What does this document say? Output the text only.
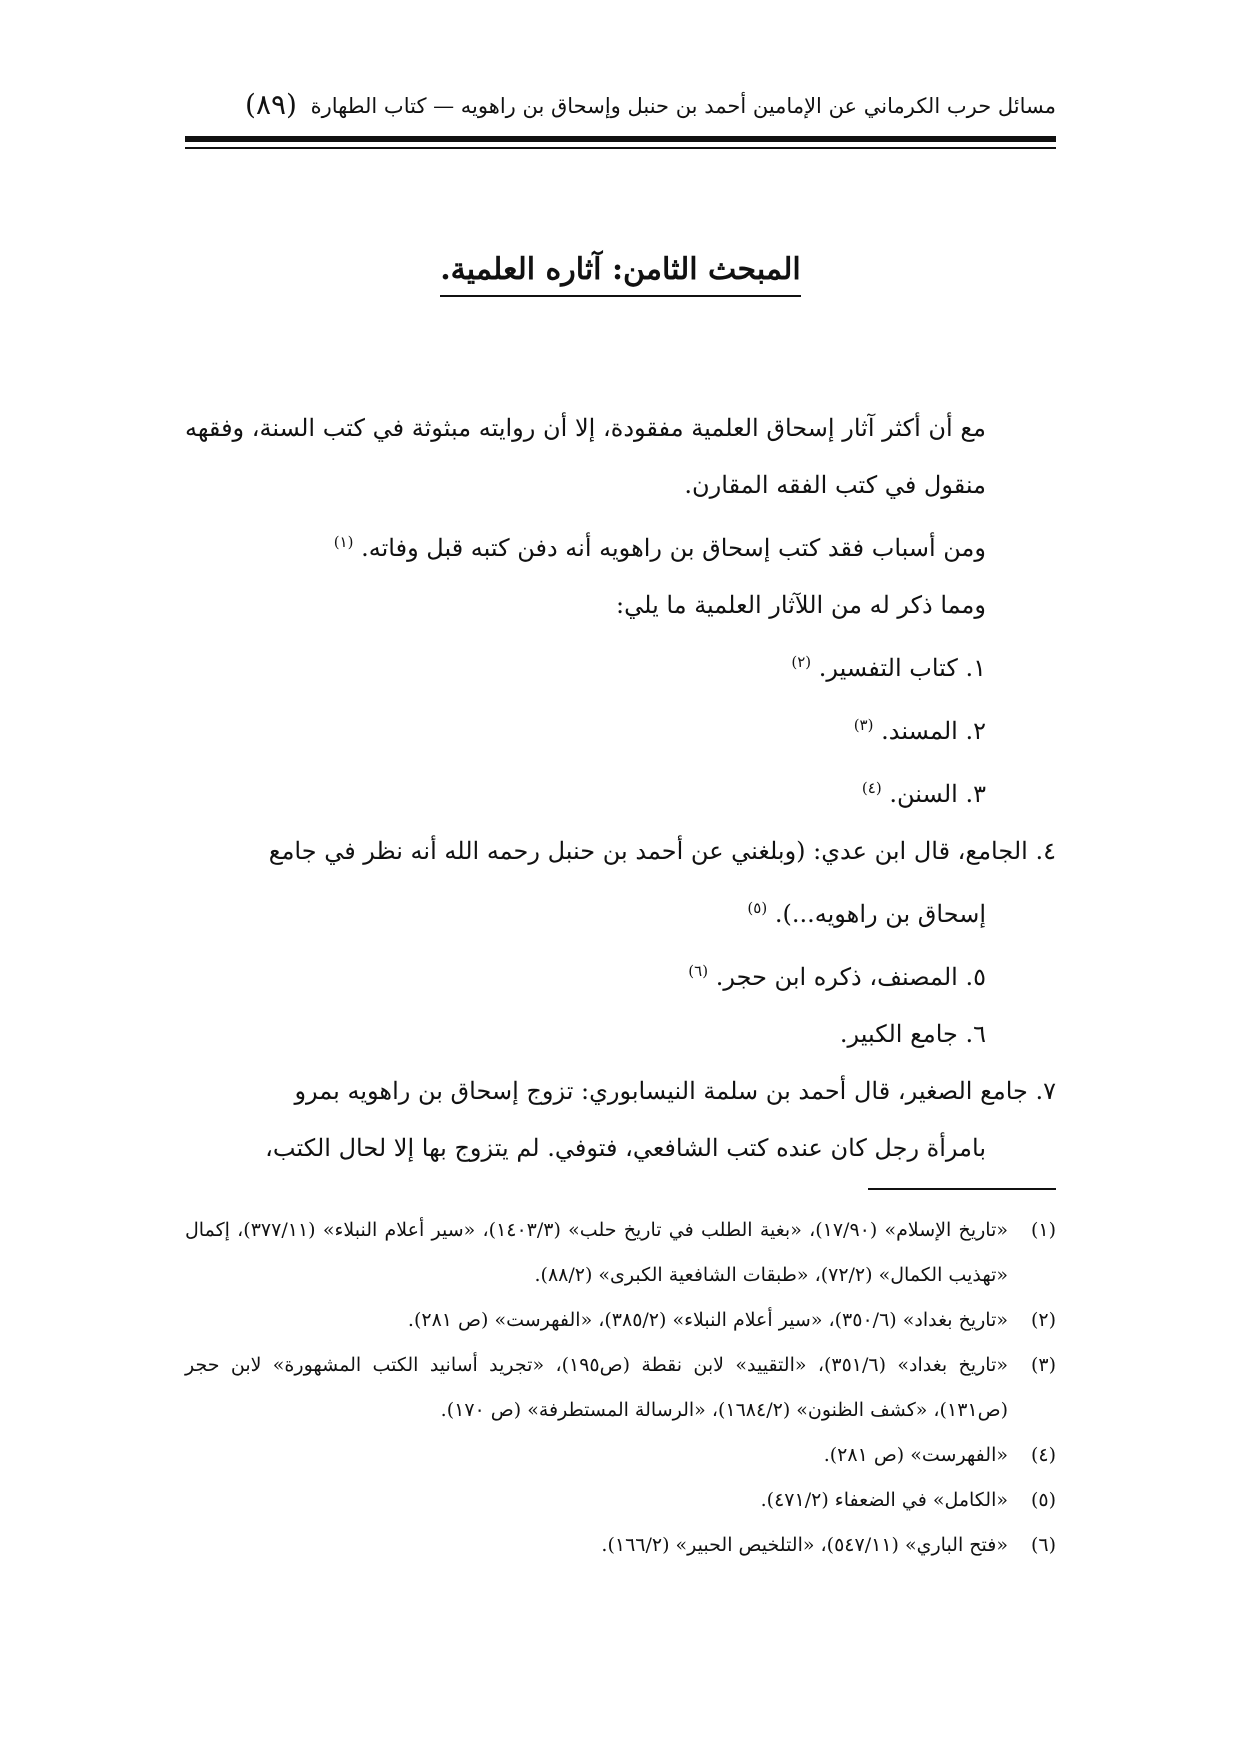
مسائل حرب الكرماني عن الإمامين أحمد بن حنبل وإسحاق بن راهويه — كتاب الطهارة
(٨٩)
المبحث الثامن: آثاره العلمية.

مع أن أكثر آثار إسحاق العلمية مفقودة، إلا أن روايته مبثوثة في كتب السنة، وفقهه منقول في كتب الفقه المقارن.

ومن أسباب فقد كتب إسحاق بن راهويه أنه دفن كتبه قبل وفاته. $^{(١)}$

ومما ذكر له من اللآثار العلمية ما يلي:

١. كتاب التفسير. $^{(٢)}$

٢. المسند. $^{(٣)}$

٣. السنن. $^{(٤)}$

٤. الجامع، قال ابن عدي: (وبلغني عن أحمد بن حنبل رحمه الله أنه نظر في جامع
إسحاق بن راهويه...). $^{(٥)}$

٥. المصنف، ذكره ابن حجر. $^{(٦)}$

٦. جامع الكبير.

٧. جامع الصغير، قال أحمد بن سلمة النيسابوري: تزوج إسحاق بن راهويه بمرو
بامرأة رجل كان عنده كتب الشافعي، فتوفي. لم يتزوج بها إلا لحال الكتب،

(١)
«تاريخ الإسلام» (١٧/٩٠)، «بغية الطلب في تاريخ حلب» (١٤٠٣/٣)، «سير أعلام النبلاء» (٣٧٧/١١)، إكمال «تهذيب الكمال» (٧٢/٢)، «طبقات الشافعية الكبرى» (٨٨/٢).
(٢)
«تاريخ بغداد» (٣٥٠/٦)، «سير أعلام النبلاء» (٣٨٥/٢)، «الفهرست» (ص ٢٨١).
(٣)
«تاريخ بغداد» (٣٥١/٦)، «التقييد» لابن نقطة (ص١٩٥)، «تجريد أسانيد الكتب المشهورة» لابن حجر (ص١٣١)، «كشف الظنون» (١٦٨٤/٢)، «الرسالة المستطرفة» (ص ١٧٠).
(٤)
«الفهرست» (ص ٢٨١).
(٥)
«الكامل» في الضعفاء (٤٧١/٢).
(٦)
«فتح الباري» (٥٤٧/١١)، «التلخيص الحبير» (١٦٦/٢).
